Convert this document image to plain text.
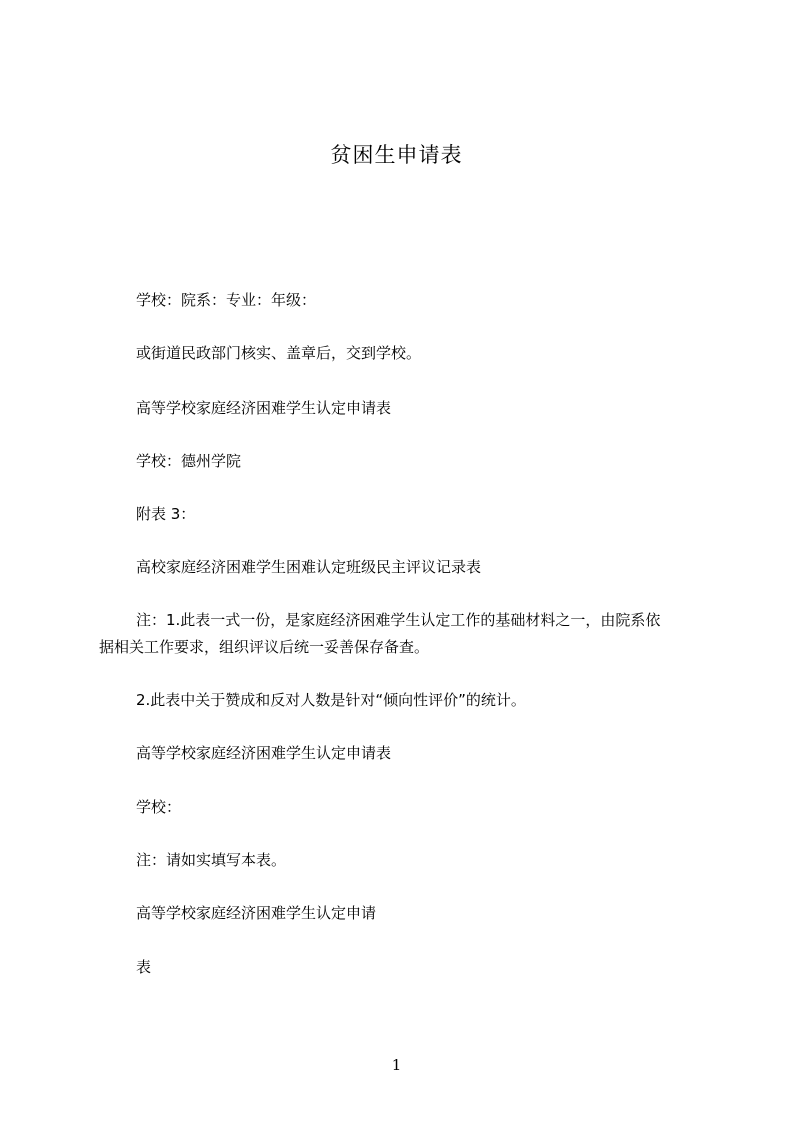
贫困生申请表
学校：院系：专业：年级：
或街道民政部门核实、盖章后，交到学校。
高等学校家庭经济困难学生认定申请表
学校：德州学院
附表 3：
高校家庭经济困难学生困难认定班级民主评议记录表
注：1.此表一式一份，是家庭经济困难学生认定工作的基础材料之一，由院系依
据相关工作要求，组织评议后统一妥善保存备查。
2.此表中关于赞成和反对人数是针对“倾向性评价”的统计。
高等学校家庭经济困难学生认定申请表
学校：
注：请如实填写本表。
高等学校家庭经济困难学生认定申请
表
1
